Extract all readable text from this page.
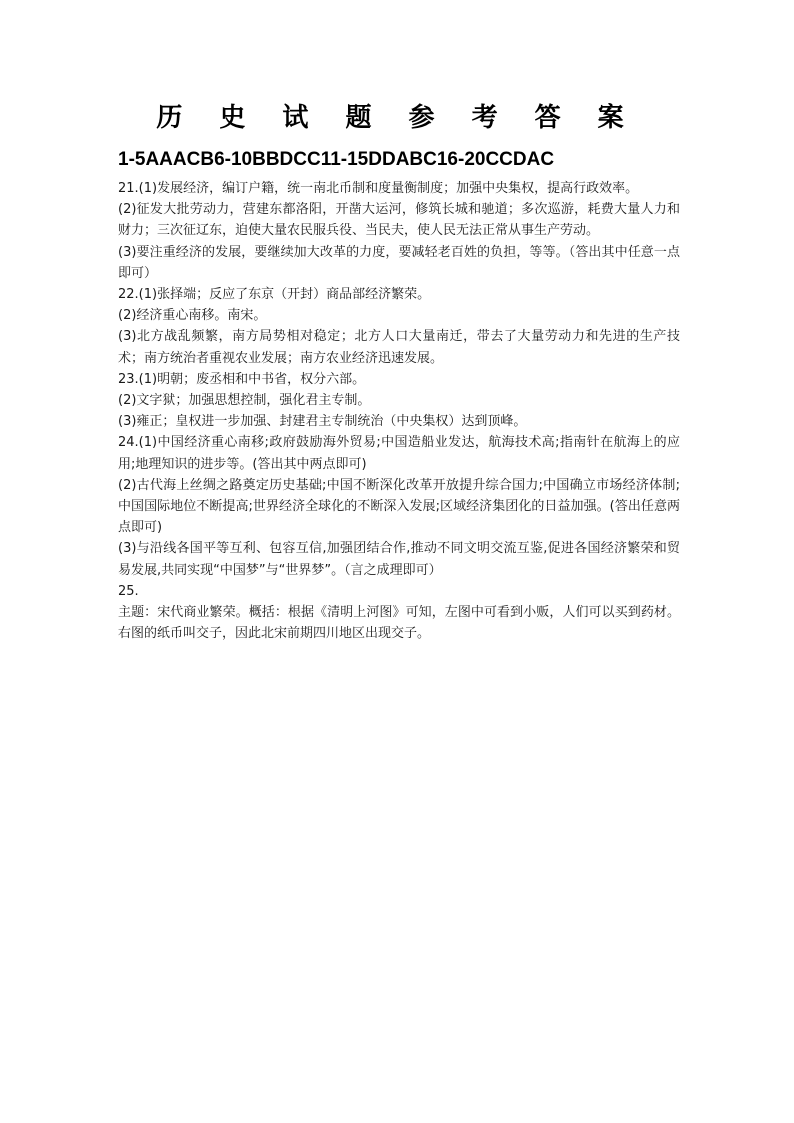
历 史 试 题 参 考 答 案
1-5AAACB6-10BBDCC11-15DDABC16-20CCDAC

21.(1)发展经济，编订户籍，统一南北币制和度量衡制度；加强中央集权，提高行政效率。

(2)征发大批劳动力，营建东都洛阳，开凿大运河，修筑长城和驰道；多次巡游，耗费大量人力和财力；三次征辽东，迫使大量农民服兵役、当民夫，使人民无法正常从事生产劳动。

(3)要注重经济的发展，要继续加大改革的力度，要减轻老百姓的负担，等等。（答出其中任意一点即可）

22.(1)张择端；反应了东京（开封）商品部经济繁荣。

(2)经济重心南移。南宋。

(3)北方战乱频繁，南方局势相对稳定；北方人口大量南迁，带去了大量劳动力和先进的生产技术；南方统治者重视农业发展；南方农业经济迅速发展。

23.(1)明朝；废丞相和中书省，权分六部。

(2)文字狱；加强思想控制，强化君主专制。

(3)雍正；皇权进一步加强、封建君主专制统治（中央集权）达到顶峰。

24.(1)中国经济重心南移;政府鼓励海外贸易;中国造船业发达，航海技术高;指南针在航海上的应用;地理知识的进步等。(答出其中两点即可)

(2)古代海上丝绸之路奠定历史基础;中国不断深化改革开放提升综合国力;中国确立市场经济体制;中国国际地位不断提高;世界经济全球化的不断深入发展;区域经济集团化的日益加强。(答出任意两点即可)

(3)与沿线各国平等互利、包容互信,加强团结合作,推动不同文明交流互鉴,促进各国经济繁荣和贸易发展,共同实现“中国梦”与“世界梦”。（言之成理即可）

25.

主题：宋代商业繁荣。概括：根据《清明上河图》可知，左图中可看到小贩，人们可以买到药材。右图的纸币叫交子，因此北宋前期四川地区出现交子。
